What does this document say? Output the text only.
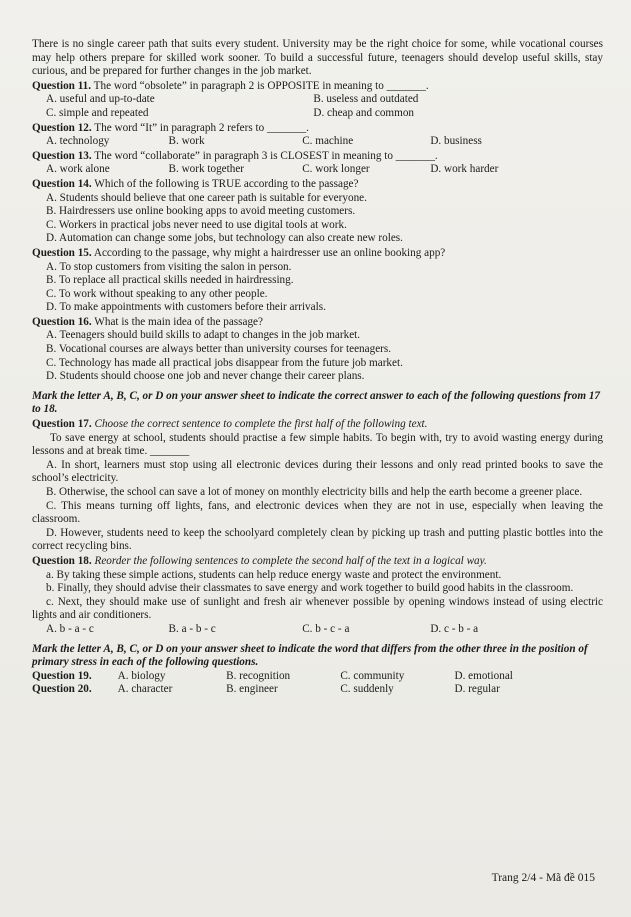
There is no single career path that suits every student. University may be the right choice for some, while vocational courses may help others prepare for skilled work sooner. To build a successful future, teenagers should develop useful skills, stay curious, and be prepared for further changes in the job market.

Question 11. The word “obsolete” in paragraph 2 is OPPOSITE in meaning to _______.

A. useful and up-to-date	B. useless and outdated
C. simple and repeated	D. cheap and common

Question 12. The word “It” in paragraph 2 refers to _______.

A. technology	B. work	C. machine	D. business

Question 13. The word “collaborate” in paragraph 3 is CLOSEST in meaning to _______.

A. work alone	B. work together	C. work longer	D. work harder

Question 14. Which of the following is TRUE according to the passage?

A. Students should believe that one career path is suitable for everyone.
B. Hairdressers use online booking apps to avoid meeting customers.
C. Workers in practical jobs never need to use digital tools at work.
D. Automation can change some jobs, but technology can also create new roles.

Question 15. According to the passage, why might a hairdresser use an online booking app?

A. To stop customers from visiting the salon in person.
B. To replace all practical skills needed in hairdressing.
C. To work without speaking to any other people.
D. To make appointments with customers before their arrivals.

Question 16. What is the main idea of the passage?

A. Teenagers should build skills to adapt to changes in the job market.
B. Vocational courses are always better than university courses for teenagers.
C. Technology has made all practical jobs disappear from the future job market.
D. Students should choose one job and never change their career plans.

Mark the letter A, B, C, or D on your answer sheet to indicate the correct answer to each of the following questions from 17 to 18.

Question 17. Choose the correct sentence to complete the first half of the following text.

To save energy at school, students should practise a few simple habits. To begin with, try to avoid wasting energy during lessons and at break time. _______

A. In short, learners must stop using all electronic devices during their lessons and only read printed books to save the school’s electricity.

B. Otherwise, the school can save a lot of money on monthly electricity bills and help the earth become a greener place.

C. This means turning off lights, fans, and electronic devices when they are not in use, especially when leaving the classroom.

D. However, students need to keep the schoolyard completely clean by picking up trash and putting plastic bottles into the correct recycling bins.

Question 18. Reorder the following sentences to complete the second half of the text in a logical way.

a. By taking these simple actions, students can help reduce energy waste and protect the environment.

b. Finally, they should advise their classmates to save energy and work together to build good habits in the classroom.

c. Next, they should make use of sunlight and fresh air whenever possible by opening windows instead of using electric lights and air conditioners.

A. b - a - c	B. a - b - c	C. b - c - a	D. c - b - a

Mark the letter A, B, C, or D on your answer sheet to indicate the word that differs from the other three in the position of primary stress in each of the following questions.

Question 19.	A. biology	B. recognition	C. community	D. emotional
Question 20.	A. character	B. engineer	C. suddenly	D. regular
Trang 2/4 - Mã đề 015
